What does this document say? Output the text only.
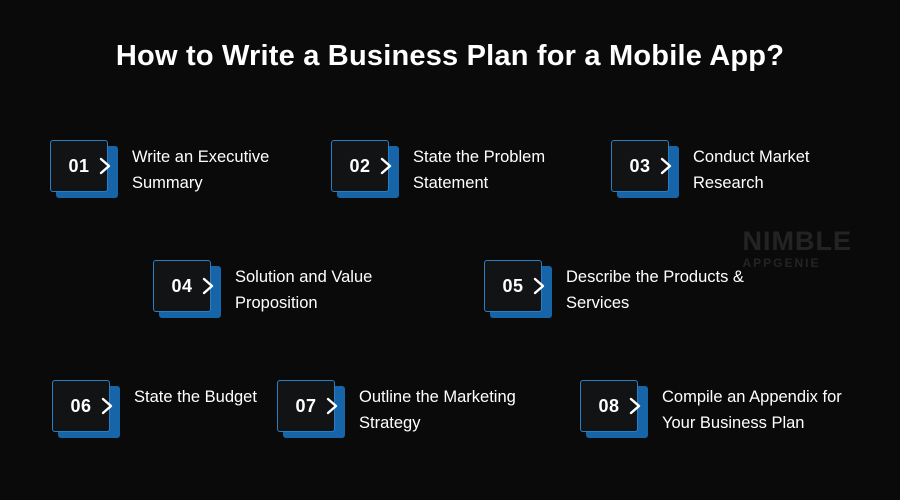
How to Write a Business Plan for a Mobile App?
NIMBLE
APPGENIE
01	Write an Executive Summary
02	State the Problem Statement
03	Conduct Market Research
04	Solution and Value Proposition
05	Describe the Products & Services
06	State the Budget	07	Outline the Marketing Strategy
08	Compile an Appendix for Your Business Plan
